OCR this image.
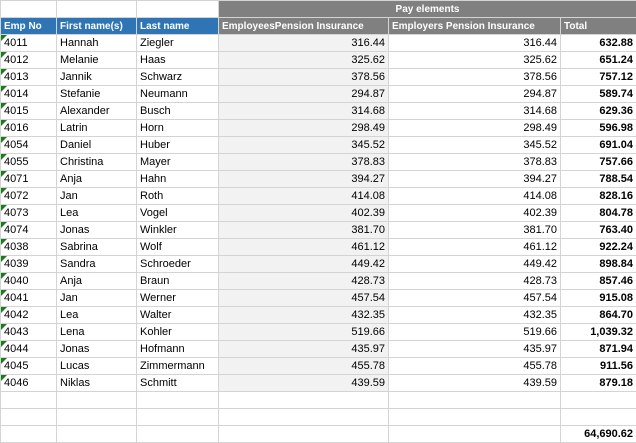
			Pay elements		
Emp No	First name(s)	Last name	EmployeesPension Insurance	Employers Pension Insurance	Total

4011	Hannah	Ziegler	316.44	316.44	632.88

4012	Melanie	Haas	325.62	325.62	651.24

4013	Jannik	Schwarz	378.56	378.56	757.12

4014	Stefanie	Neumann	294.87	294.87	589.74

4015	Alexander	Busch	314.68	314.68	629.36

4016	Latrin	Horn	298.49	298.49	596.98

4054	Daniel	Huber	345.52	345.52	691.04

4055	Christina	Mayer	378.83	378.83	757.66

4071	Anja	Hahn	394.27	394.27	788.54

4072	Jan	Roth	414.08	414.08	828.16

4073	Lea	Vogel	402.39	402.39	804.78

4074	Jonas	Winkler	381.70	381.70	763.40

4038	Sabrina	Wolf	461.12	461.12	922.24

4039	Sandra	Schroeder	449.42	449.42	898.84

4040	Anja	Braun	428.73	428.73	857.46

4041	Jan	Werner	457.54	457.54	915.08

4042	Lea	Walter	432.35	432.35	864.70

4043	Lena	Kohler	519.66	519.66	1,039.32

4044	Jonas	Hofmann	435.97	435.97	871.94

4045	Lucas	Zimmermann	455.78	455.78	911.56

4046	Niklas	Schmitt	439.59	439.59	879.18

					64,690.62
